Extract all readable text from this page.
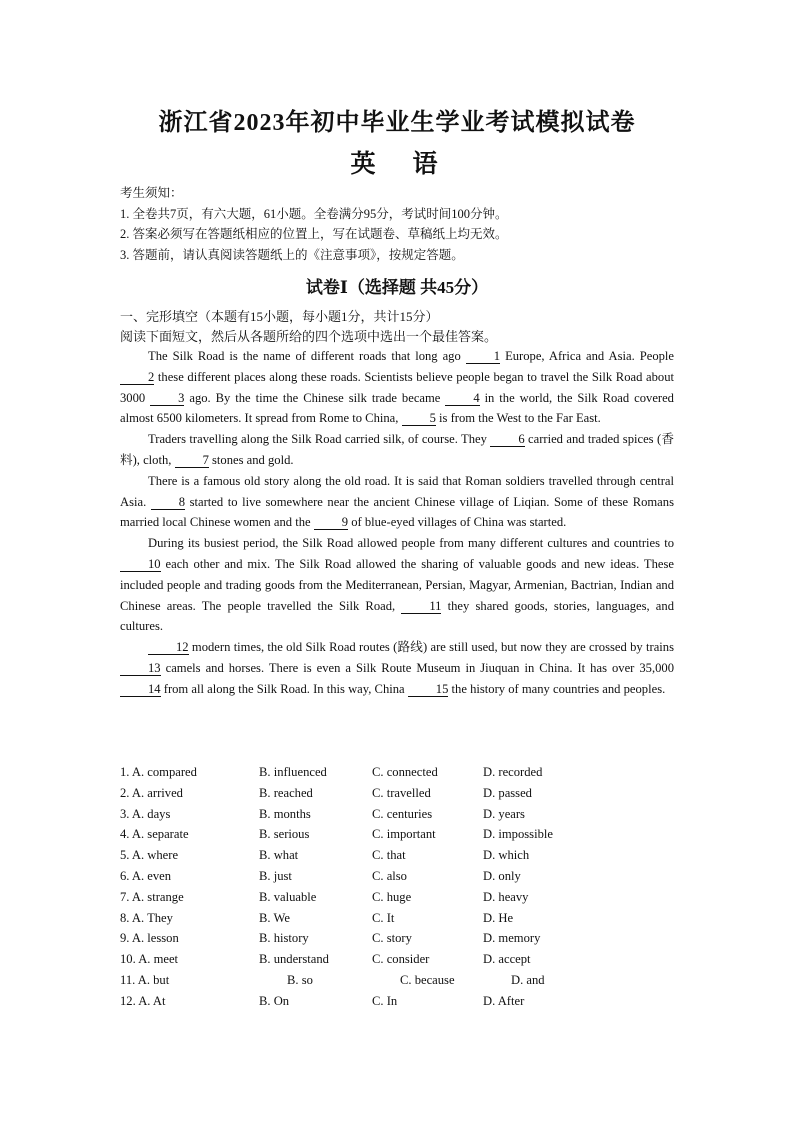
浙江省2023年初中毕业生学业考试模拟试卷
英　语
考生须知：
1. 全卷共7页，有六大题，61小题。全卷满分95分，考试时间100分钟。
2. 答案必须写在答题纸相应的位置上，写在试题卷、草稿纸上均无效。
3. 答题前，请认真阅读答题纸上的《注意事项》，按规定答题。
试卷Ⅰ（选择题 共45分）
一、完形填空（本题有15小题，每小题1分，共计15分）
阅读下面短文，然后从各题所给的四个选项中选出一个最佳答案。

The Silk Road is the name of different roads that long ago	1 Europe, Africa and Asia. People 2 these different places along these roads. Scientists believe people began to travel the Silk Road about 3000	3 ago. By the time the Chinese silk trade became	4 in the world, the Silk Road covered almost 6500 kilometers. It spread from Rome to China, 5 is from the West to the Far East.

Traders travelling along the Silk Road carried silk, of course. They 6 carried and traded spices (香料), cloth, 7 stones and gold.

There is a famous old story along the old road. It is said that Roman soldiers travelled through central Asia.	8 started to live somewhere near the ancient Chinese village of Liqian. Some of these Romans married local Chinese women and the 9 of blue-eyed villages of China was started.

During its busiest period, the Silk Road allowed people from many different cultures and countries to 10 each other and mix. The Silk Road allowed the sharing of valuable goods and new ideas. These included people and trading goods from the Mediterranean, Persian, Magyar, Armenian, Bactrian, Indian and Chinese areas. The people travelled the Silk Road,	11 they shared goods, stories, languages, and cultures.

12 modern times, the old Silk Road routes (路线) are still used, but now they are crossed by trains 13 camels and horses. There is even a Silk Route Museum in Jiuquan in China. It has over 35,000 14 from all along the Silk Road. In this way, China 15 the history of many countries and peoples.

1. A. compared	B. influenced	C. connected	D. recorded
2. A. arrived	B. reached	C. travelled	D. passed
3. A. days	B. months	C. centuries	D. years
4. A. separate	B. serious	C. important	D. impossible
5. A. where	B. what	C. that	D. which
6. A. even	B. just	C. also	D. only
7. A. strange	B. valuable	C. huge	D. heavy
8. A. They	B. We	C. It	D. He
9. A. lesson	B. history	C. story	D. memory
10. A. meet	B. understand	C. consider	D. accept
11. A. but	B. so	C. because	D. and
12. A. At	B. On	C. In	D. After
